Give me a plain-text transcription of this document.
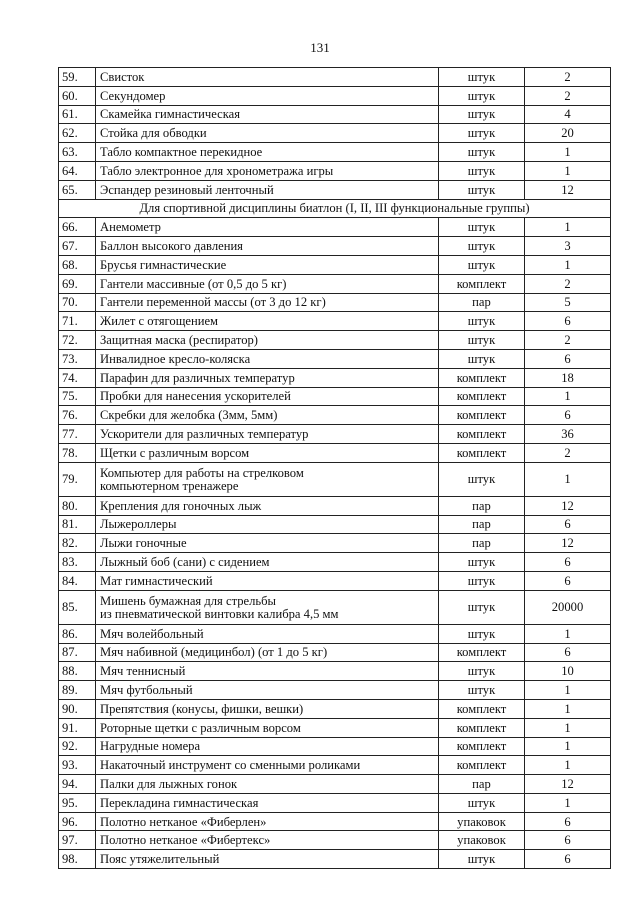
131
59.	Свисток	штук	2
60.	Секундомер	штук	2
61.	Скамейка гимнастическая	штук	4
62.	Стойка для обводки	штук	20
63.	Табло компактное перекидное	штук	1
64.	Табло электронное для хронометража игры	штук	1
65.	Эспандер резиновый ленточный	штук	12
Для спортивной дисциплины биатлон (I, II, III функциональные группы)			
66.	Анемометр	штук	1
67.	Баллон высокого давления	штук	3
68.	Брусья гимнастические	штук	1
69.	Гантели массивные (от 0,5 до 5 кг)	комплект	2
70.	Гантели переменной массы (от 3 до 12 кг)	пар	5
71.	Жилет с отягощением	штук	6
72.	Защитная маска (респиратор)	штук	2
73.	Инвалидное кресло-коляска	штук	6
74.	Парафин для различных температур	комплект	18
75.	Пробки для нанесения ускорителей	комплект	1
76.	Скребки для желобка (3мм, 5мм)	комплект	6
77.	Ускорители для различных температур	комплект	36
78.	Щетки с различным ворсом	комплект	2
79.	Компьютер для работы на стрелковом
компьютерном тренажере	штук	1
80.	Крепления для гоночных лыж	пар	12
81.	Лыжероллеры	пар	6
82.	Лыжи гоночные	пар	12
83.	Лыжный боб (сани) с сидением	штук	6
84.	Мат гимнастический	штук	6
85.	Мишень бумажная для стрельбы
из пневматической винтовки калибра 4,5 мм	штук	20000
86.	Мяч волейбольный	штук	1
87.	Мяч набивной (медицинбол) (от 1 до 5 кг)	комплект	6
88.	Мяч теннисный	штук	10
89.	Мяч футбольный	штук	1
90.	Препятствия (конусы, фишки, вешки)	комплект	1
91.	Роторные щетки с различным ворсом	комплект	1
92.	Нагрудные номера	комплект	1
93.	Накаточный инструмент со сменными роликами	комплект	1
94.	Палки для лыжных гонок	пар	12
95.	Перекладина гимнастическая	штук	1
96.	Полотно нетканое «Фиберлен»	упаковок	6
97.	Полотно нетканое «Фибертекс»	упаковок	6
98.	Пояс утяжелительный	штук	6
